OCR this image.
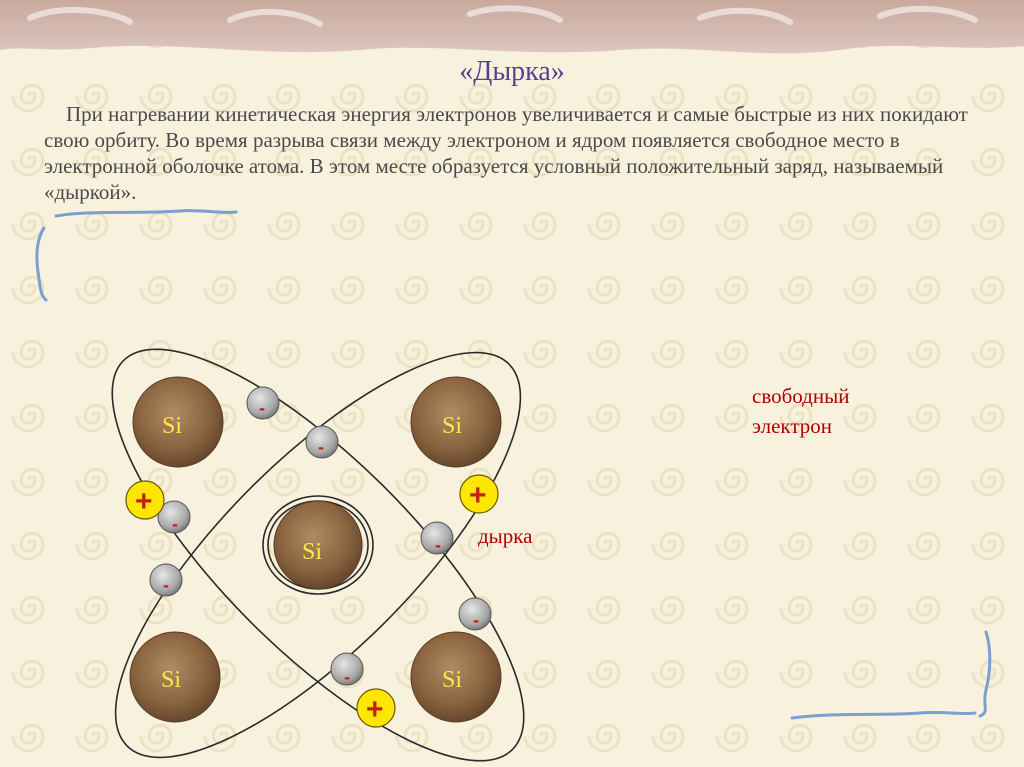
«Дырка»
При нагревании кинетическая энергия электронов увеличивается и самые быстрые из них покидают свою орбиту. Во время разрыва связи между электроном и ядром появляется свободное место в электронной оболочке атома. В этом месте образуется условный положительный заряд, называемый «дыркой».
Si	Si
Si
Si	Si
-
-
-
-
-
-
-
+	+
+
свободный
электрон
дырка
